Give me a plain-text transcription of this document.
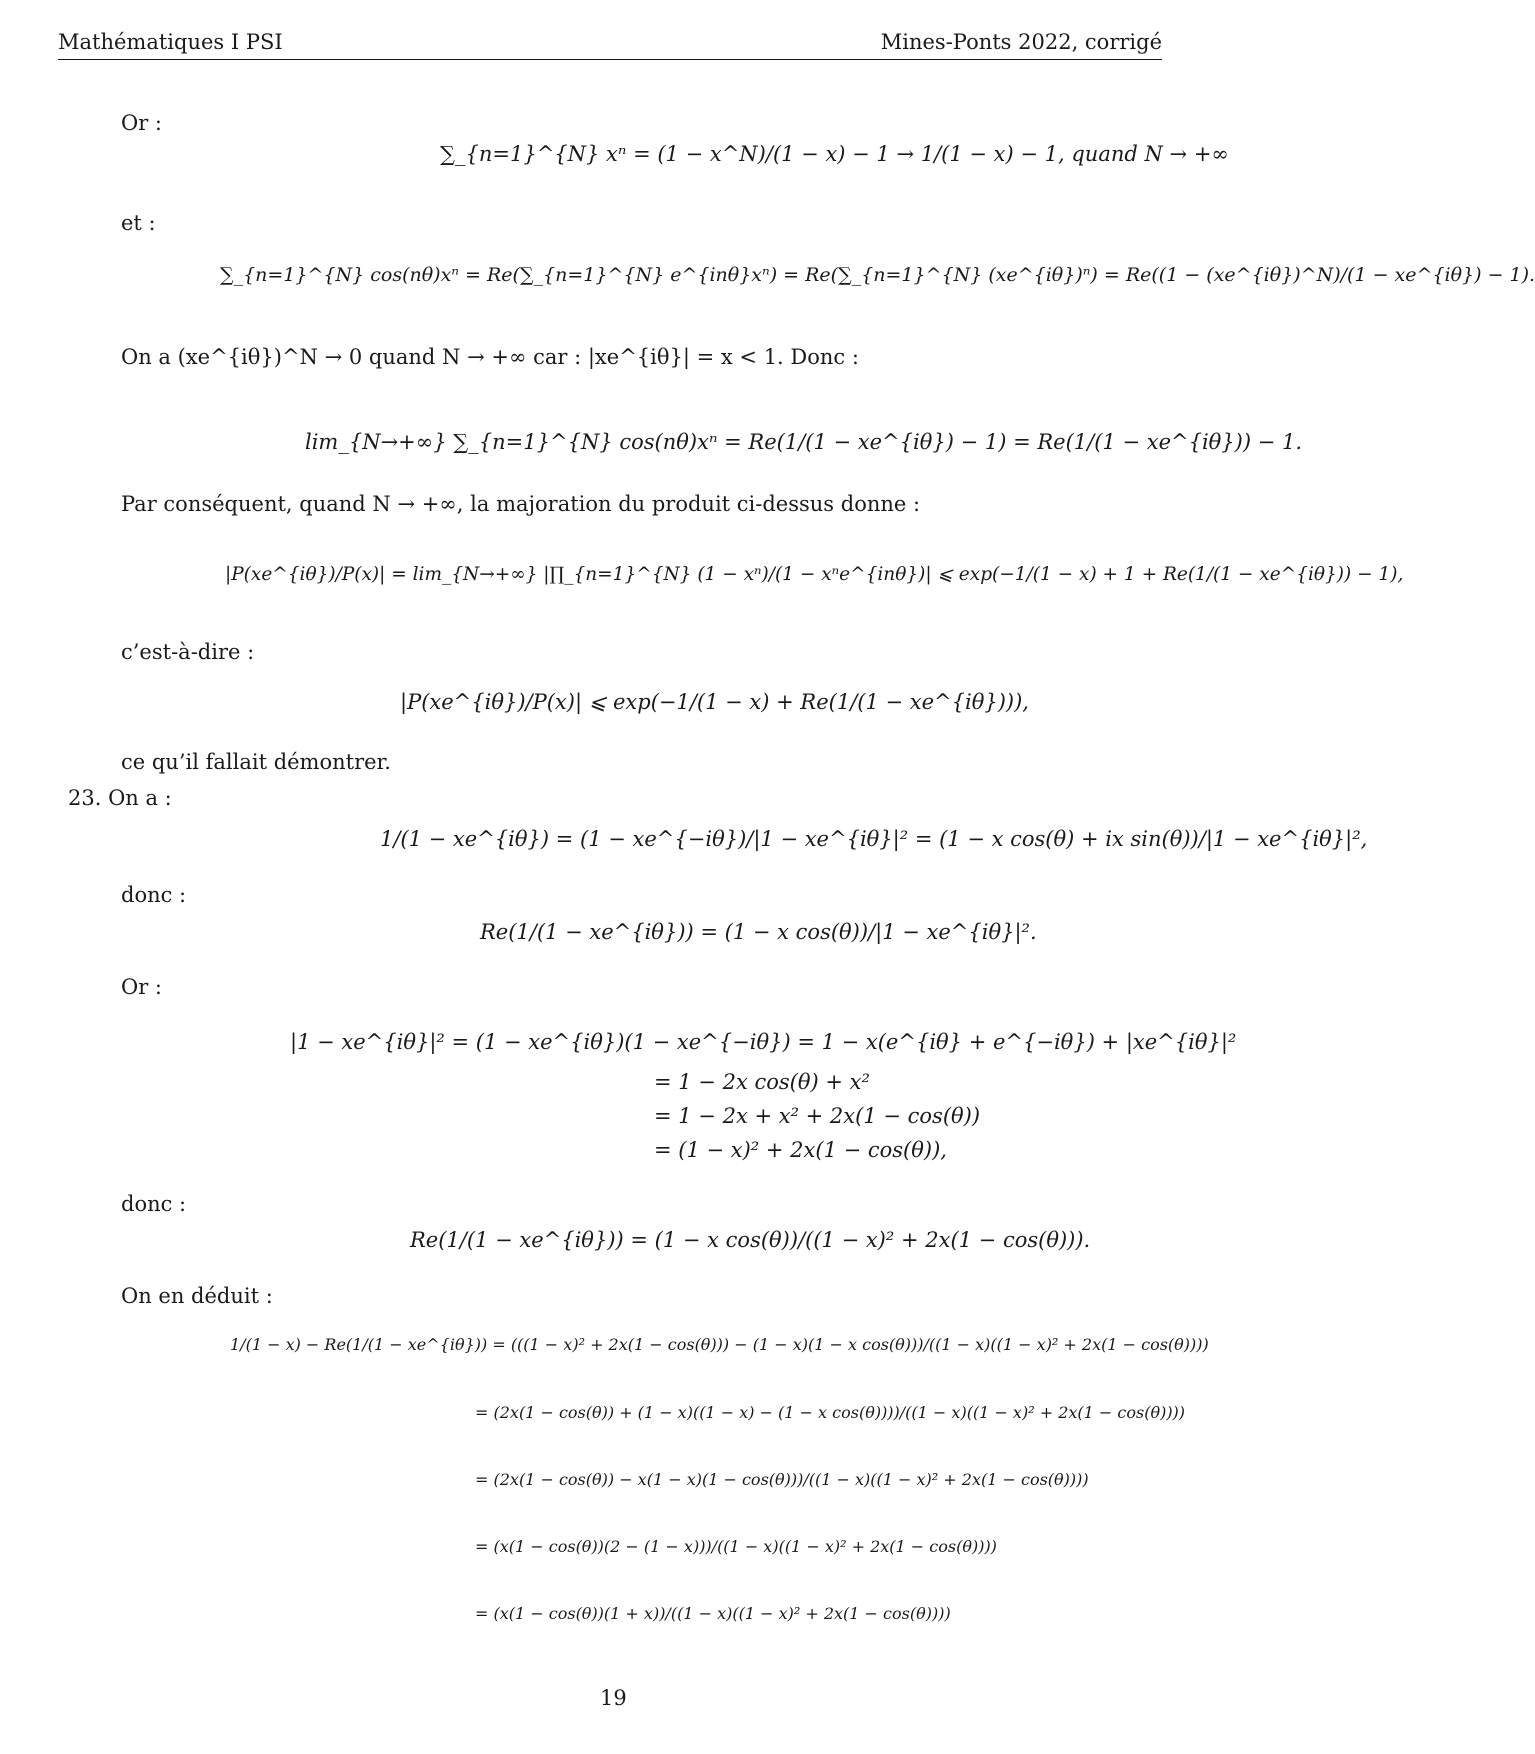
Mathématiques I PSI	Mines-Ponts 2022, corrigé
Or :
∑_{n=1}^{N} xⁿ = (1 − x^N)/(1 − x) − 1 → 1/(1 − x) − 1, quand N → +∞
et :
∑_{n=1}^{N} cos(nθ)xⁿ = Re(∑_{n=1}^{N} e^{inθ}xⁿ) = Re(∑_{n=1}^{N} (xe^{iθ})ⁿ) = Re((1 − (xe^{iθ})^N)/(1 − xe^{iθ}) − 1).
On a (xe^{iθ})^N → 0 quand N → +∞ car : |xe^{iθ}| = x < 1. Donc :
lim_{N→+∞} ∑_{n=1}^{N} cos(nθ)xⁿ = Re(1/(1 − xe^{iθ}) − 1) = Re(1/(1 − xe^{iθ})) − 1.
Par conséquent, quand N → +∞, la majoration du produit ci-dessus donne :
|P(xe^{iθ})/P(x)| = lim_{N→+∞} |∏_{n=1}^{N} (1 − xⁿ)/(1 − xⁿe^{inθ})| ⩽ exp(−1/(1 − x) + 1 + Re(1/(1 − xe^{iθ})) − 1),
c’est-à-dire :
|P(xe^{iθ})/P(x)| ⩽ exp(−1/(1 − x) + Re(1/(1 − xe^{iθ}))),
ce qu’il fallait démontrer.
23. On a :
1/(1 − xe^{iθ}) = (1 − xe^{−iθ})/|1 − xe^{iθ}|² = (1 − x cos(θ) + ix sin(θ))/|1 − xe^{iθ}|²,
donc :
Re(1/(1 − xe^{iθ})) = (1 − x cos(θ))/|1 − xe^{iθ}|².
Or :
|1 − xe^{iθ}|² = (1 − xe^{iθ})(1 − xe^{−iθ}) = 1 − x(e^{iθ} + e^{−iθ}) + |xe^{iθ}|²
= 1 − 2x cos(θ) + x²
= 1 − 2x + x² + 2x(1 − cos(θ))
= (1 − x)² + 2x(1 − cos(θ)),
donc :
Re(1/(1 − xe^{iθ})) = (1 − x cos(θ))/((1 − x)² + 2x(1 − cos(θ))).
On en déduit :
1/(1 − x) − Re(1/(1 − xe^{iθ})) = (((1 − x)² + 2x(1 − cos(θ))) − (1 − x)(1 − x cos(θ)))/((1 − x)((1 − x)² + 2x(1 − cos(θ))))
= (2x(1 − cos(θ)) + (1 − x)((1 − x) − (1 − x cos(θ))))/((1 − x)((1 − x)² + 2x(1 − cos(θ))))
= (2x(1 − cos(θ)) − x(1 − x)(1 − cos(θ)))/((1 − x)((1 − x)² + 2x(1 − cos(θ))))
= (x(1 − cos(θ))(2 − (1 − x)))/((1 − x)((1 − x)² + 2x(1 − cos(θ))))
= (x(1 − cos(θ))(1 + x))/((1 − x)((1 − x)² + 2x(1 − cos(θ))))
19
